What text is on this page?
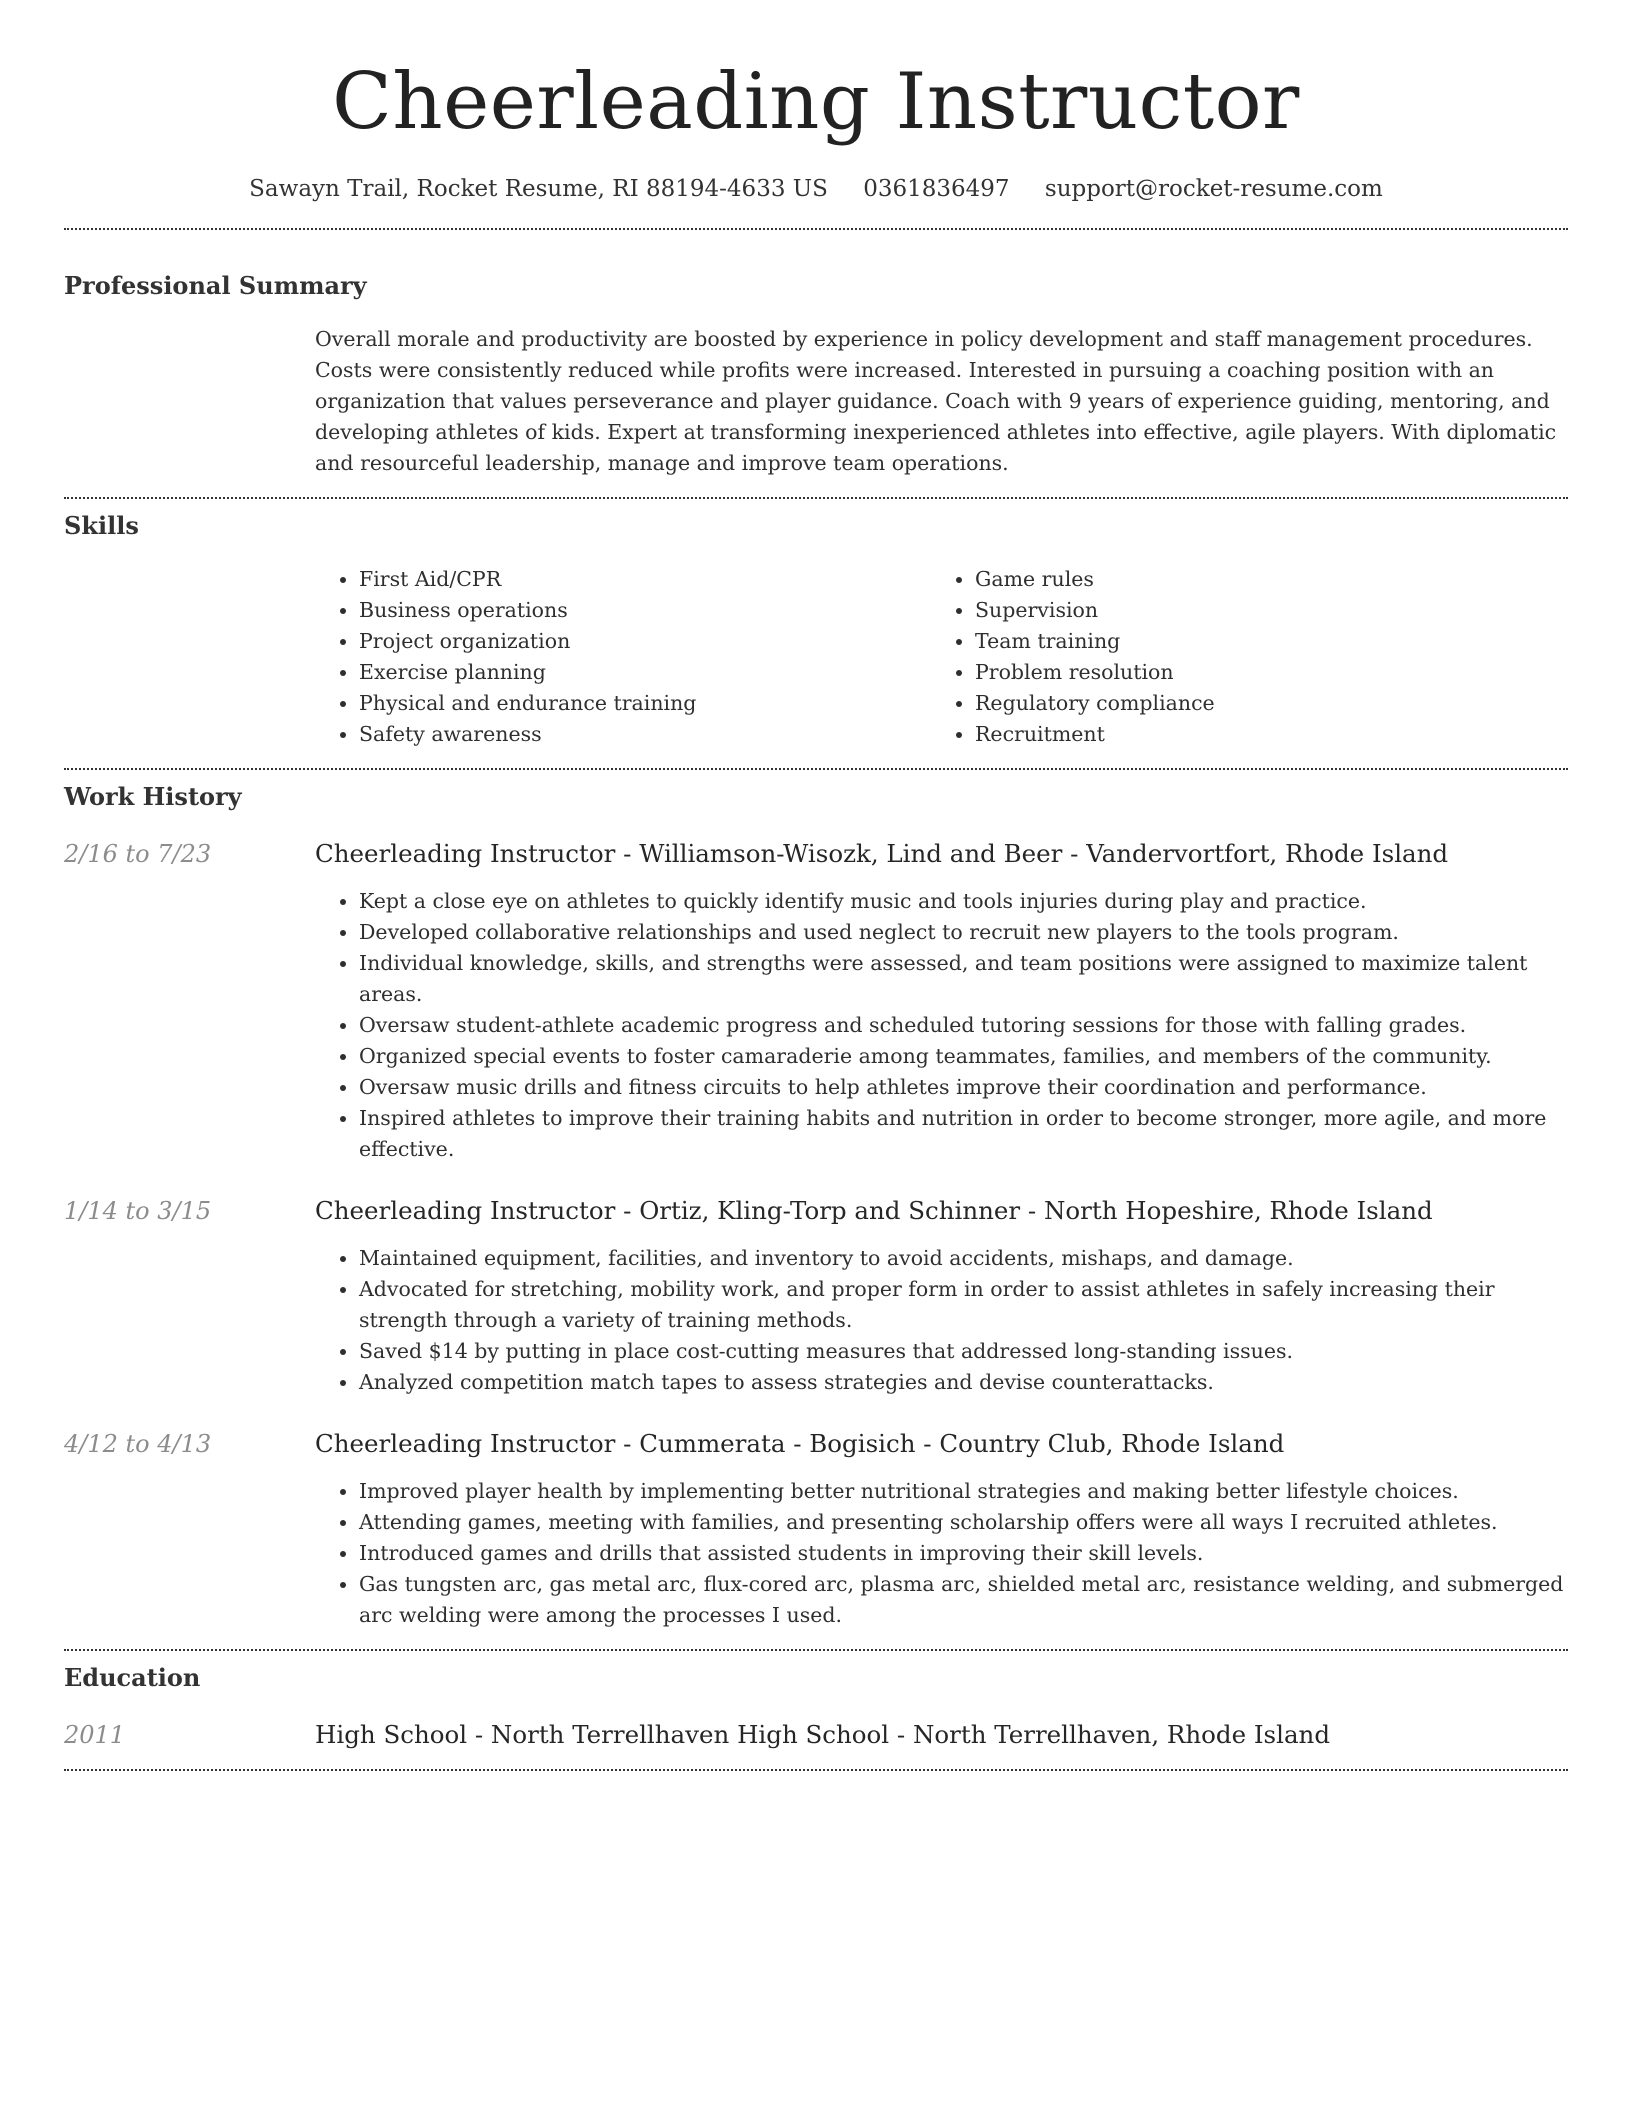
Cheerleading Instructor
Sawayn Trail, Rocket Resume, RI 88194-4633 US 0361836497 support@rocket-resume.com
Professional Summary

Overall morale and productivity are boosted by experience in policy development and staff management procedures. Costs were consistently reduced while profits were increased. Interested in pursuing a coaching position with an organization that values perseverance and player guidance. Coach with 9 years of experience guiding, mentoring, and developing athletes of kids. Expert at transforming inexperienced athletes into effective, agile players. With diplomatic and resourceful leadership, manage and improve team operations.

Skills
• First Aid/CPR
• Business operations
• Project organization
• Exercise planning
• Physical and endurance training
• Safety awareness
• Game rules
• Supervision
• Team training
• Problem resolution
• Regulatory compliance
• Recruitment
Work History
2/16 to 7/23	Cheerleading Instructor - Williamson-Wisozk, Lind and Beer - Vandervortfort, Rhode Island
• Kept a close eye on athletes to quickly identify music and tools injuries during play and practice.
• Developed collaborative relationships and used neglect to recruit new players to the tools program.
• Individual knowledge, skills, and strengths were assessed, and team positions were assigned to maximize talent areas.
• Oversaw student-athlete academic progress and scheduled tutoring sessions for those with falling grades.
• Organized special events to foster camaraderie among teammates, families, and members of the community.
• Oversaw music drills and fitness circuits to help athletes improve their coordination and performance.
• Inspired athletes to improve their training habits and nutrition in order to become stronger, more agile, and more effective.
1/14 to 3/15	Cheerleading Instructor - Ortiz, Kling-Torp and Schinner - North Hopeshire, Rhode Island
• Maintained equipment, facilities, and inventory to avoid accidents, mishaps, and damage.
• Advocated for stretching, mobility work, and proper form in order to assist athletes in safely increasing their strength through a variety of training methods.
• Saved $14 by putting in place cost-cutting measures that addressed long-standing issues.
• Analyzed competition match tapes to assess strategies and devise counterattacks.
4/12 to 4/13	Cheerleading Instructor - Cummerata - Bogisich - Country Club, Rhode Island
• Improved player health by implementing better nutritional strategies and making better lifestyle choices.
• Attending games, meeting with families, and presenting scholarship offers were all ways I recruited athletes.
• Introduced games and drills that assisted students in improving their skill levels.
• Gas tungsten arc, gas metal arc, flux-cored arc, plasma arc, shielded metal arc, resistance welding, and submerged arc welding were among the processes I used.
Education
2011	High School - North Terrellhaven High School - North Terrellhaven, Rhode Island
